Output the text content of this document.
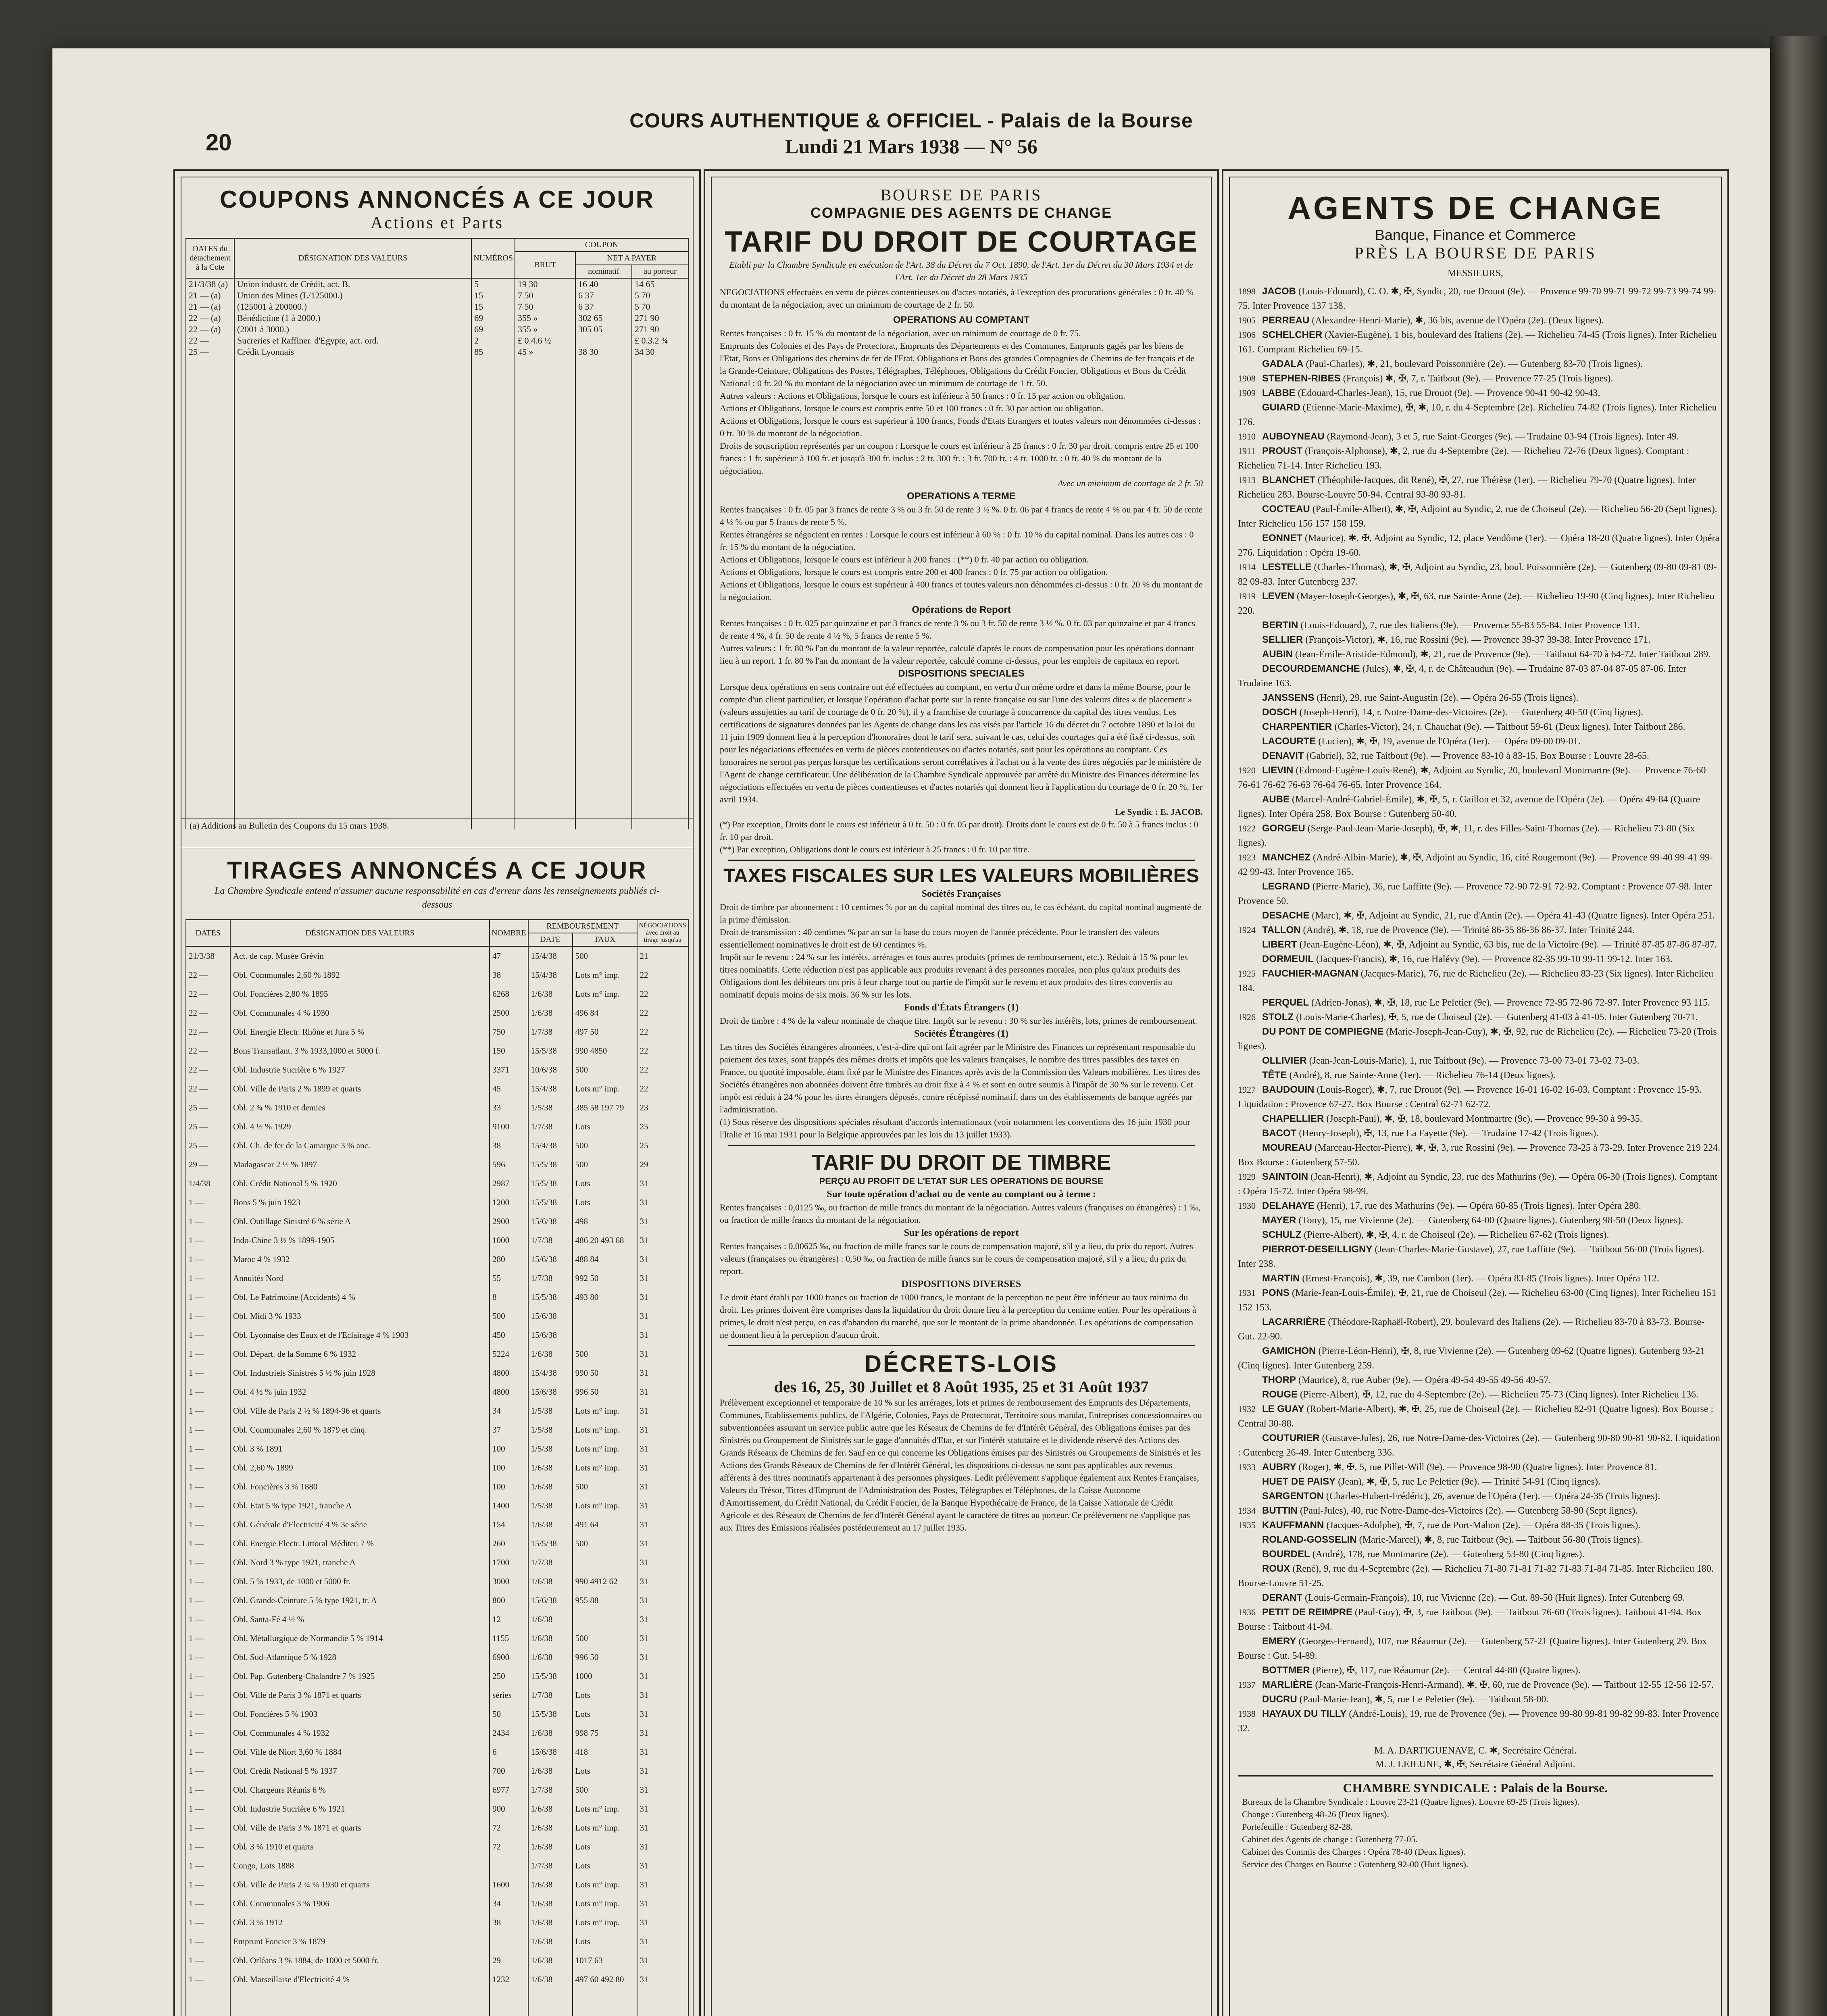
20
COURS AUTHENTIQUE & OFFICIEL - Palais de la Bourse
Lundi 21 Mars 1938 — N° 56
COUPONS ANNONCÉS A CE JOUR
Actions et Parts
DATES du détachement à la Cote	DÉSIGNATION DES VALEURS	NUMÉROS	COUPON		
			BRUT	NET A PAYER	
				nominatif	au porteur
21/3/38 (a)	Union industr. de Crédit, act. B.	5	19 30	16 40	14 65
21 — (a)	Union des Mines (L/125000.)	15	7 50	6 37	5 70
21 — (a)	(125001 à 200000.)	15	7 50	6 37	5 70
22 — (a)	Bénédictine (1 à 2000.)	69	355 »	302 65	271 90
22 — (a)	(2001 à 3000.)	69	355 »	305 05	271 90
22 —	Sucreries et Raffiner. d'Egypte, act. ord.	2	£ 0.4.6 ½		£ 0.3.2 ¾
25 —	Crédit Lyonnais	85	45 »	38 30	34 30

(a) Additions au Bulletin des Coupons du 15 mars 1938.
TIRAGES ANNONCÉS A CE JOUR
La Chambre Syndicale entend n'assumer aucune responsabilité en cas d'erreur dans les renseignements publiés ci-dessous
DATES	DÉSIGNATION DES VALEURS	NOMBRE	REMBOURSEMENT		NÉGOCIATIONS avec droit au tirage jusqu'au
			DATE	TAUX	
21/3/38	Act. de cap. Musée Grévin	47	15/4/38	500	21
22 —	Obl. Communales 2,60 % 1892	38	15/4/38	Lots m° imp.	22
22 —	Obl. Foncières 2,80 % 1895	6268	1/6/38	Lots m° imp.	22
22 —	Obl. Communales 4 % 1930	2500	1/6/38	496 84	22
22 —	Obl. Energie Electr. Rhône et Jura 5 %	750	1/7/38	497 50	22
22 —	Bons Transatlant. 3 % 1933,1000 et 5000 f.	150	15/5/38	990 4850	22
22 —	Obl. Industrie Sucrière 6 % 1927	3371	10/6/38	500	22
22 —	Obl. Ville de Paris 2 % 1899 et quarts	45	15/4/38	Lots m° imp.	22
25 —	Obl. 2 ¾ % 1910 et demies	33	1/5/38	385 58 197 79	23
25 —	Obl. 4 ½ % 1929	9100	1/7/38	Lots	25
25 —	Obl. Ch. de fer de la Camargue 3 % anc.	38	15/4/38	500	25
29 —	Madagascar 2 ½ % 1897	596	15/5/38	500	29
1/4/38	Obl. Crédit National 5 % 1920	2987	15/5/38	Lots	31
1 —	Bons 5 % juin 1923	1200	15/5/38	Lots	31
1 —	Obl. Outillage Sinistré 6 % série A	2900	15/6/38	498	31
1 —	Indo-Chine 3 ½ % 1899-1905	1000	1/7/38	486 20 493 68	31
1 —	Maroc 4 % 1932	280	15/6/38	488 84	31
1 —	Annuités Nord	55	1/7/38	992 50	31
1 —	Obl. Le Patrimoine (Accidents) 4 %	8	15/5/38	493 80	31
1 —	Obl. Midi 3 % 1933	500	15/6/38		31
1 —	Obl. Lyonnaise des Eaux et de l'Eclairage 4 % 1903	450	15/6/38		31
1 —	Obl. Départ. de la Somme 6 % 1932	5224	1/6/38	500	31
1 —	Obl. Industriels Sinistrés 5 ½ % juin 1928	4800	15/4/38	990 50	31
1 —	Obl. 4 ½ % juin 1932	4800	15/6/38	996 50	31
1 —	Obl. Ville de Paris 2 ½ % 1894-96 et quarts	34	1/5/38	Lots m° imp.	31
1 —	Obl. Communales 2,60 % 1879 et cinq.	37	1/5/38	Lots m° imp.	31
1 —	Obl. 3 % 1891	100	1/5/38	Lots m° imp.	31
1 —	Obl. 2,60 % 1899	100	1/6/38	Lots m° imp.	31
1 —	Obl. Foncières 3 % 1880	100	1/6/38	500	31
1 —	Obl. Etat 5 % type 1921, tranche A	1400	1/5/38	Lots m° imp.	31
1 —	Obl. Générale d'Electricité 4 % 3e série	154	1/6/38	491 64	31
1 —	Obl. Energie Electr. Littoral Méditer. 7 %	260	15/5/38	500	31
1 —	Obl. Nord 3 % type 1921, tranche A	1700	1/7/38		31
1 —	Obl. 5 % 1933, de 1000 et 5000 fr.	3000	1/6/38	990 4912 62	31
1 —	Obl. Grande-Ceinture 5 % type 1921, tr. A	800	15/6/38	955 88	31
1 —	Obl. Santa-Fé 4 ½ %	12	1/6/38		31
1 —	Obl. Métallurgique de Normandie 5 % 1914	1155	1/6/38	500	31
1 —	Obl. Sud-Atlantique 5 % 1928	6900	1/6/38	996 50	31
1 —	Obl. Pap. Gutenberg-Chalandre 7 % 1925	250	15/5/38	1000	31
1 —	Obl. Ville de Paris 3 % 1871 et quarts	séries	1/7/38	Lots	31
1 —	Obl. Foncières 5 % 1903	50	15/5/38	Lots	31
1 —	Obl. Communales 4 % 1932	2434	1/6/38	998 75	31
1 —	Obl. Ville de Niort 3,60 % 1884	6	15/6/38	418	31
1 —	Obl. Crédit National 5 % 1937	700	1/6/38	Lots	31
1 —	Obl. Chargeurs Réunis 6 %	6977	1/7/38	500	31
1 —	Obl. Industrie Sucrière 6 % 1921	900	1/6/38	Lots m° imp.	31
1 —	Obl. Ville de Paris 3 % 1871 et quarts	72	1/6/38	Lots m° imp.	31
1 —	Obl. 3 % 1910 et quarts	72	1/6/38	Lots	31
1 —	Congo, Lots 1888		1/7/38	Lots	31
1 —	Obl. Ville de Paris 2 ¾ % 1930 et quarts	1600	1/6/38	Lots m° imp.	31
1 —	Obl. Communales 3 % 1906	34	1/6/38	Lots m° imp.	31
1 —	Obl. 3 % 1912	38	1/6/38	Lots m° imp.	31
1 —	Emprunt Foncier 3 % 1879		1/6/38	Lots	31
1 —	Obl. Orléans 3 % 1884, de 1000 et 5000 fr.	29	1/6/38	1017 63	31
1 —	Obl. Marseillaise d'Electricité 4 %	1232	1/6/38	497 60 492 80	31

BOURSE DE PARIS
COMPAGNIE DES AGENTS DE CHANGE
TARIF DU DROIT DE COURTAGE
Etabli par la Chambre Syndicale en exécution de l'Art. 38 du Décret du 7 Oct. 1890, de l'Art. 1er du Décret du 30 Mars 1934 et de l'Art. 1er du Décret du 28 Mars 1935
NEGOCIATIONS effectuées en vertu de pièces contentieuses ou d'actes notariés, à l'exception des procurations générales : 0 fr. 40 % du montant de la négociation, avec un minimum de courtage de 2 fr. 50.
OPERATIONS AU COMPTANT
Rentes françaises : 0 fr. 15 % du montant de la négociation, avec un minimum de courtage de 0 fr. 75.
Emprunts des Colonies et des Pays de Protectorat, Emprunts des Départements et des Communes, Emprunts gagés par les biens de l'Etat, Bons et Obligations des chemins de fer de l'Etat, Obligations et Bons des grandes Compagnies de Chemins de fer français et de la Grande-Ceinture, Obligations des Postes, Télégraphes, Téléphones, Obligations du Crédit Foncier, Obligations et Bons du Crédit National : 0 fr. 20 % du montant de la négociation avec un minimum de courtage de 1 fr. 50.
Autres valeurs : Actions et Obligations, lorsque le cours est inférieur à 50 francs : 0 fr. 15 par action ou obligation.
Actions et Obligations, lorsque le cours est compris entre 50 et 100 francs : 0 fr. 30 par action ou obligation.
Actions et Obligations, lorsque le cours est supérieur à 100 francs, Fonds d'Etats Etrangers et toutes valeurs non dénommées ci-dessus : 0 fr. 30 % du montant de la négociation.
Droits de souscription représentés par un coupon : Lorsque le cours est inférieur à 25 francs : 0 fr. 30 par droit. compris entre 25 et 100 francs : 1 fr. supérieur à 100 fr. et jusqu'à 300 fr. inclus : 2 fr. 300 fr. : 3 fr. 700 fr. : 4 fr. 1000 fr. : 0 fr. 40 % du montant de la négociation.
Avec un minimum de courtage de 2 fr. 50
OPERATIONS A TERME
Rentes françaises : 0 fr. 05 par 3 francs de rente 3 % ou 3 fr. 50 de rente 3 ½ %. 0 fr. 06 par 4 francs de rente 4 % ou par 4 fr. 50 de rente 4 ½ % ou par 5 francs de rente 5 %.
Rentes étrangères se négocient en rentes : Lorsque le cours est inférieur à 60 % : 0 fr. 10 % du capital nominal. Dans les autres cas : 0 fr. 15 % du montant de la négociation.
Actions et Obligations, lorsque le cours est inférieur à 200 francs : (**) 0 fr. 40 par action ou obligation.
Actions et Obligations, lorsque le cours est compris entre 200 et 400 francs : 0 fr. 75 par action ou obligation.
Actions et Obligations, lorsque le cours est supérieur à 400 francs et toutes valeurs non dénommées ci-dessus : 0 fr. 20 % du montant de la négociation.
Opérations de Report
Rentes françaises : 0 fr. 025 par quinzaine et par 3 francs de rente 3 % ou 3 fr. 50 de rente 3 ½ %. 0 fr. 03 par quinzaine et par 4 francs de rente 4 %, 4 fr. 50 de rente 4 ½ %, 5 francs de rente 5 %.
Autres valeurs : 1 fr. 80 % l'an du montant de la valeur reportée, calculé d'après le cours de compensation pour les opérations donnant lieu à un report. 1 fr. 80 % l'an du montant de la valeur reportée, calculé comme ci-dessus, pour les emplois de capitaux en report.
DISPOSITIONS SPECIALES
Lorsque deux opérations en sens contraire ont été effectuées au comptant, en vertu d'un même ordre et dans la même Bourse, pour le compte d'un client particulier, et lorsque l'opération d'achat porte sur la rente française ou sur l'une des valeurs dites « de placement » (valeurs assujetties au tarif de courtage de 0 fr. 20 %), il y a franchise de courtage à concurrence du capital des titres vendus. Les certifications de signatures données par les Agents de change dans les cas visés par l'article 16 du décret du 7 octobre 1890 et la loi du 11 juin 1909 donnent lieu à la perception d'honoraires dont le tarif sera, suivant le cas, celui des courtages qui a été fixé ci-dessus, soit pour les négociations effectuées en vertu de pièces contentieuses ou d'actes notariés, soit pour les opérations au comptant. Ces honoraires ne seront pas perçus lorsque les certifications seront corrélatives à l'achat ou à la vente des titres négociés par le ministère de l'Agent de change certificateur. Une délibération de la Chambre Syndicale approuvée par arrêté du Ministre des Finances détermine les négociations effectuées en vertu de pièces contentieuses et d'actes notariés qui donnent lieu à l'application du courtage de 0 fr. 20 %. 1er avril 1934.
Le Syndic : E. JACOB.
(*) Par exception, Droits dont le cours est inférieur à 0 fr. 50 : 0 fr. 05 par droit). Droits dont le cours est de 0 fr. 50 à 5 francs inclus : 0 fr. 10 par droit.
(**) Par exception, Obligations dont le cours est inférieur à 25 francs : 0 fr. 10 par titre.
TAXES FISCALES SUR LES VALEURS MOBILIÈRES
Sociétés Françaises
Droit de timbre par abonnement : 10 centimes % par an du capital nominal des titres ou, le cas échéant, du capital nominal augmenté de la prime d'émission.
Droit de transmission : 40 centimes % par an sur la base du cours moyen de l'année précédente. Pour le transfert des valeurs essentiellement nominatives le droit est de 60 centimes %.
Impôt sur le revenu : 24 % sur les intérêts, arrérages et tous autres produits (primes de remboursement, etc.). Réduit à 15 % pour les titres nominatifs. Cette réduction n'est pas applicable aux produits revenant à des personnes morales, non plus qu'aux produits des Obligations dont les débiteurs ont pris à leur charge tout ou partie de l'impôt sur le revenu et aux produits des titres convertis au nominatif depuis moins de six mois. 36 % sur les lots.
Fonds d'États Étrangers (1)
Droit de timbre : 4 % de la valeur nominale de chaque titre. Impôt sur le revenu : 30 % sur les intérêts, lots, primes de remboursement.
Sociétés Étrangères (1)
Les titres des Sociétés étrangères abonnées, c'est-à-dire qui ont fait agréer par le Ministre des Finances un représentant responsable du paiement des taxes, sont frappés des mêmes droits et impôts que les valeurs françaises, le nombre des titres passibles des taxes en France, ou quotité imposable, étant fixé par le Ministre des Finances après avis de la Commission des Valeurs mobilières. Les titres des Sociétés étrangères non abonnées doivent être timbrés au droit fixe à 4 % et sont en outre soumis à l'impôt de 30 % sur le revenu. Cet impôt est réduit à 24 % pour les titres étrangers déposés, contre récépissé nominatif, dans un des établissements de banque agréés par l'administration.
(1) Sous réserve des dispositions spéciales résultant d'accords internationaux (voir notamment les conventions des 16 juin 1930 pour l'Italie et 16 mai 1931 pour la Belgique approuvées par les lois du 13 juillet 1933).
TARIF DU DROIT DE TIMBRE
PERÇU AU PROFIT DE L'ETAT SUR LES OPERATIONS DE BOURSE
Sur toute opération d'achat ou de vente au comptant ou à terme :
Rentes françaises : 0,0125 ‰, ou fraction de mille francs du montant de la négociation. Autres valeurs (françaises ou étrangères) : 1 ‰, ou fraction de mille francs du montant de la négociation.
Sur les opérations de report
Rentes françaises : 0,00625 ‰, ou fraction de mille francs sur le cours de compensation majoré, s'il y a lieu, du prix du report. Autres valeurs (françaises ou étrangères) : 0,50 ‰, ou fraction de mille francs sur le cours de compensation majoré, s'il y a lieu, du prix du report.
DISPOSITIONS DIVERSES
Le droit étant établi par 1000 francs ou fraction de 1000 francs, le montant de la perception ne peut être inférieur au taux minima du droit. Les primes doivent être comprises dans la liquidation du droit donne lieu à la perception du centime entier. Pour les opérations à primes, le droit n'est perçu, en cas d'abandon du marché, que sur le montant de la prime abandonnée. Les opérations de compensation ne donnent lieu à la perception d'aucun droit.
DÉCRETS-LOIS
des 16, 25, 30 Juillet et 8 Août 1935, 25 et 31 Août 1937
Prélèvement exceptionnel et temporaire de 10 % sur les arrérages, lots et primes de remboursement des Emprunts des Départements, Communes, Etablissements publics, de l'Algérie, Colonies, Pays de Protectorat, Territoire sous mandat, Entreprises concessionnaires ou subventionnées assurant un service public autre que les Réseaux de Chemins de fer d'Intérêt Général, des Obligations émises par des Sinistrés ou Groupement de Sinistrés sur le gage d'annuités d'Etat, et sur l'intérêt statutaire et le dividende réservé des Actions des Grands Réseaux de Chemins de fer. Sauf en ce qui concerne les Obligations émises par des Sinistrés ou Groupements de Sinistrés et les Actions des Grands Réseaux de Chemins de fer d'Intérêt Général, les dispositions ci-dessus ne sont pas applicables aux revenus afférents à des titres nominatifs appartenant à des personnes physiques. Ledit prélèvement s'applique également aux Rentes Françaises, Valeurs du Trésor, Titres d'Emprunt de l'Administration des Postes, Télégraphes et Téléphones, de la Caisse Autonome d'Amortissement, du Crédit National, du Crédit Foncier, de la Banque Hypothécaire de France, de la Caisse Nationale de Crédit Agricole et des Réseaux de Chemins de fer d'Intérêt Général ayant le caractère de titres au porteur. Ce prélèvement ne s'applique pas aux Titres des Emissions réalisées postérieurement au 17 juillet 1935.
AGENTS DE CHANGE
Banque, Finance et Commerce
PRÈS LA BOURSE DE PARIS
MESSIEURS,
1898 JACOB (Louis-Edouard), C. O. ✱, ✠, Syndic, 20, rue Drouot (9e). — Provence 99-70 99-71 99-72 99-73 99-74 99-75. Inter Provence 137 138.
1905 PERREAU (Alexandre-Henri-Marie), ✱, 36 bis, avenue de l'Opéra (2e). (Deux lignes).
1906 SCHELCHER (Xavier-Eugène), 1 bis, boulevard des Italiens (2e). — Richelieu 74-45 (Trois lignes). Inter Richelieu 161. Comptant Richelieu 69-15.
GADALA (Paul-Charles), ✱, 21, boulevard Poissonnière (2e). — Gutenberg 83-70 (Trois lignes).
1908 STEPHEN-RIBES (François) ✱, ✠, 7, r. Taitbout (9e). — Provence 77-25 (Trois lignes).
1909 LABBE (Edouard-Charles-Jean), 15, rue Drouot (9e). — Provence 90-41 90-42 90-43.
GUIARD (Etienne-Marie-Maxime), ✠, ✱, 10, r. du 4-Septembre (2e). Richelieu 74-82 (Trois lignes). Inter Richelieu 176.
1910 AUBOYNEAU (Raymond-Jean), 3 et 5, rue Saint-Georges (9e). — Trudaine 03-94 (Trois lignes). Inter 49.
1911 PROUST (François-Alphonse), ✱, 2, rue du 4-Septembre (2e). — Richelieu 72-76 (Deux lignes). Comptant : Richelieu 71-14. Inter Richelieu 193.
1913 BLANCHET (Théophile-Jacques, dit René), ✠, 27, rue Thérèse (1er). — Richelieu 79-70 (Quatre lignes). Inter Richelieu 283. Bourse-Louvre 50-94. Central 93-80 93-81.
COCTEAU (Paul-Émile-Albert), ✱, ✠, Adjoint au Syndic, 2, rue de Choiseul (2e). — Richelieu 56-20 (Sept lignes). Inter Richelieu 156 157 158 159.
EONNET (Maurice), ✱, ✠, Adjoint au Syndic, 12, place Vendôme (1er). — Opéra 18-20 (Quatre lignes). Inter Opéra 276. Liquidation : Opéra 19-60.
1914 LESTELLE (Charles-Thomas), ✱, ✠, Adjoint au Syndic, 23, boul. Poissonnière (2e). — Gutenberg 09-80 09-81 09-82 09-83. Inter Gutenberg 237.
1919 LEVEN (Mayer-Joseph-Georges), ✱, ✠, 63, rue Sainte-Anne (2e). — Richelieu 19-90 (Cinq lignes). Inter Richelieu 220.
BERTIN (Louis-Edouard), 7, rue des Italiens (9e). — Provence 55-83 55-84. Inter Provence 131.
SELLIER (François-Victor), ✱, 16, rue Rossini (9e). — Provence 39-37 39-38. Inter Provence 171.
AUBIN (Jean-Émile-Aristide-Edmond), ✱, 21, rue de Provence (9e). — Taitbout 64-70 à 64-72. Inter Taitbout 289.
DECOURDEMANCHE (Jules), ✱, ✠, 4, r. de Châteaudun (9e). — Trudaine 87-03 87-04 87-05 87-06. Inter Trudaine 163.
JANSSENS (Henri), 29, rue Saint-Augustin (2e). — Opéra 26-55 (Trois lignes).
DOSCH (Joseph-Henri), 14, r. Notre-Dame-des-Victoires (2e). — Gutenberg 40-50 (Cinq lignes).
CHARPENTIER (Charles-Victor), 24, r. Chauchat (9e). — Taitbout 59-61 (Deux lignes). Inter Taitbout 286.
LACOURTE (Lucien), ✱, ✠, 19, avenue de l'Opéra (1er). — Opéra 09-00 09-01.
DENAVIT (Gabriel), 32, rue Taitbout (9e). — Provence 83-10 à 83-15. Box Bourse : Louvre 28-65.
1920 LIEVIN (Edmond-Eugène-Louis-René), ✱, Adjoint au Syndic, 20, boulevard Montmartre (9e). — Provence 76-60 76-61 76-62 76-63 76-64 76-65. Inter Provence 164.
AUBE (Marcel-André-Gabriel-Émile), ✱, ✠, 5, r. Gaillon et 32, avenue de l'Opéra (2e). — Opéra 49-84 (Quatre lignes). Inter Opéra 258. Box Bourse : Gutenberg 50-40.
1922 GORGEU (Serge-Paul-Jean-Marie-Joseph), ✠, ✱, 11, r. des Filles-Saint-Thomas (2e). — Richelieu 73-80 (Six lignes).
1923 MANCHEZ (André-Albin-Marie), ✱, ✠, Adjoint au Syndic, 16, cité Rougemont (9e). — Provence 99-40 99-41 99-42 99-43. Inter Provence 165.
LEGRAND (Pierre-Marie), 36, rue Laffitte (9e). — Provence 72-90 72-91 72-92. Comptant : Provence 07-98. Inter Provence 50.
DESACHE (Marc), ✱, ✠, Adjoint au Syndic, 21, rue d'Antin (2e). — Opéra 41-43 (Quatre lignes). Inter Opéra 251.
1924 TALLON (André), ✱, 18, rue de Provence (9e). — Trinité 86-35 86-36 86-37. Inter Trinité 244.
LIBERT (Jean-Eugène-Léon), ✱, ✠, Adjoint au Syndic, 63 bis, rue de la Victoire (9e). — Trinité 87-85 87-86 87-87.
DORMEUIL (Jacques-Francis), ✱, 16, rue Halévy (9e). — Provence 82-35 99-10 99-11 99-12. Inter 163.
1925 FAUCHIER-MAGNAN (Jacques-Marie), 76, rue de Richelieu (2e). — Richelieu 83-23 (Six lignes). Inter Richelieu 184.
PERQUEL (Adrien-Jonas), ✱, ✠, 18, rue Le Peletier (9e). — Provence 72-95 72-96 72-97. Inter Provence 93 115.
1926 STOLZ (Louis-Marie-Charles), ✠, 5, rue de Choiseul (2e). — Gutenberg 41-03 à 41-05. Inter Gutenberg 70-71.
DU PONT DE COMPIEGNE (Marie-Joseph-Jean-Guy), ✱, ✠, 92, rue de Richelieu (2e). — Richelieu 73-20 (Trois lignes).
OLLIVIER (Jean-Jean-Louis-Marie), 1, rue Taitbout (9e). — Provence 73-00 73-01 73-02 73-03.
TÊTE (André), 8, rue Sainte-Anne (1er). — Richelieu 76-14 (Deux lignes).
1927 BAUDOUIN (Louis-Roger), ✱, 7, rue Drouot (9e). — Provence 16-01 16-02 16-03. Comptant : Provence 15-93. Liquidation : Provence 67-27. Box Bourse : Central 62-71 62-72.
CHAPELLIER (Joseph-Paul), ✱, ✠, 18, boulevard Montmartre (9e). — Provence 99-30 à 99-35.
BACOT (Henry-Joseph), ✠, 13, rue La Fayette (9e). — Trudaine 17-42 (Trois lignes).
MOUREAU (Marceau-Hector-Pierre), ✱, ✠, 3, rue Rossini (9e). — Provence 73-25 à 73-29. Inter Provence 219 224. Box Bourse : Gutenberg 57-50.
1929 SAINTOIN (Jean-Henri), ✱, Adjoint au Syndic, 23, rue des Mathurins (9e). — Opéra 06-30 (Trois lignes). Comptant : Opéra 15-72. Inter Opéra 98-99.
1930 DELAHAYE (Henri), 17, rue des Mathurins (9e). — Opéra 60-85 (Trois lignes). Inter Opéra 280.
MAYER (Tony), 15, rue Vivienne (2e). — Gutenberg 64-00 (Quatre lignes). Gutenberg 98-50 (Deux lignes).
SCHULZ (Pierre-Albert), ✱, ✠, 4, r. de Choiseul (2e). — Richelieu 67-62 (Trois lignes).
PIERROT-DESEILLIGNY (Jean-Charles-Marie-Gustave), 27, rue Laffitte (9e). — Taitbout 56-00 (Trois lignes). Inter 238.
MARTIN (Ernest-François), ✱, 39, rue Cambon (1er). — Opéra 83-85 (Trois lignes). Inter Opéra 112.
1931 PONS (Marie-Jean-Louis-Émile), ✠, 21, rue de Choiseul (2e). — Richelieu 63-00 (Cinq lignes). Inter Richelieu 151 152 153.
LACARRIÈRE (Théodore-Raphaël-Robert), 29, boulevard des Italiens (2e). — Richelieu 83-70 à 83-73. Bourse-Gut. 22-90.
GAMICHON (Pierre-Léon-Henri), ✠, 8, rue Vivienne (2e). — Gutenberg 09-62 (Quatre lignes). Gutenberg 93-21 (Cinq lignes). Inter Gutenberg 259.
THORP (Maurice), 8, rue Auber (9e). — Opéra 49-54 49-55 49-56 49-57.
ROUGE (Pierre-Albert), ✠, 12, rue du 4-Septembre (2e). — Richelieu 75-73 (Cinq lignes). Inter Richelieu 136.
1932 LE GUAY (Robert-Marie-Albert), ✱, ✠, 25, rue de Choiseul (2e). — Richelieu 82-91 (Quatre lignes). Box Bourse : Central 30-88.
COUTURIER (Gustave-Jules), 26, rue Notre-Dame-des-Victoires (2e). — Gutenberg 90-80 90-81 90-82. Liquidation : Gutenberg 26-49. Inter Gutenberg 336.
1933 AUBRY (Roger), ✱, ✠, 5, rue Pillet-Will (9e). — Provence 98-90 (Quatre lignes). Inter Provence 81.
HUET DE PAISY (Jean), ✱, ✠, 5, rue Le Peletier (9e). — Trinité 54-91 (Cinq lignes).
SARGENTON (Charles-Hubert-Frédéric), 26, avenue de l'Opéra (1er). — Opéra 24-35 (Trois lignes).
1934 BUTTIN (Paul-Jules), 40, rue Notre-Dame-des-Victoires (2e). — Gutenberg 58-90 (Sept lignes).
1935 KAUFFMANN (Jacques-Adolphe), ✠, 7, rue de Port-Mahon (2e). — Opéra 88-35 (Trois lignes).
ROLAND-GOSSELIN (Marie-Marcel), ✱, 8, rue Taitbout (9e). — Taitbout 56-80 (Trois lignes).
BOURDEL (André), 178, rue Montmartre (2e). — Gutenberg 53-80 (Cinq lignes).
ROUX (René), 9, rue du 4-Septembre (2e). — Richelieu 71-80 71-81 71-82 71-83 71-84 71-85. Inter Richelieu 180. Bourse-Louvre 51-25.
DERANT (Louis-Germain-François), 10, rue Vivienne (2e). — Gut. 89-50 (Huit lignes). Inter Gutenberg 69.
1936 PETIT DE REIMPRE (Paul-Guy), ✠, 3, rue Taitbout (9e). — Taitbout 76-60 (Trois lignes). Taitbout 41-94. Box Bourse : Taitbout 41-94.
EMERY (Georges-Fernand), 107, rue Réaumur (2e). — Gutenberg 57-21 (Quatre lignes). Inter Gutenberg 29. Box Bourse : Gut. 54-89.
BOTTMER (Pierre), ✠, 117, rue Réaumur (2e). — Central 44-80 (Quatre lignes).
1937 MARLIÈRE (Jean-Marie-François-Henri-Armand), ✱, ✠, 60, rue de Provence (9e). — Taitbout 12-55 12-56 12-57.
DUCRU (Paul-Marie-Jean), ✱, 5, rue Le Peletier (9e). — Taitbout 58-00.
1938 HAYAUX DU TILLY (André-Louis), 19, rue de Provence (9e). — Provence 99-80 99-81 99-82 99-83. Inter Provence 32.
M. A. DARTIGUENAVE, C. ✱, Secrétaire Général.
M. J. LEJEUNE, ✱, ✠, Secrétaire Général Adjoint.
CHAMBRE SYNDICALE : Palais de la Bourse.
Bureaux de la Chambre Syndicale : Louvre 23-21 (Quatre lignes). Louvre 69-25 (Trois lignes).
Change : Gutenberg 48-26 (Deux lignes).
Portefeuille : Gutenberg 82-28.
Cabinet des Agents de change : Gutenberg 77-05.
Cabinet des Commis des Charges : Opéra 78-40 (Deux lignes).
Service des Charges en Bourse : Gutenberg 92-00 (Huit lignes).
